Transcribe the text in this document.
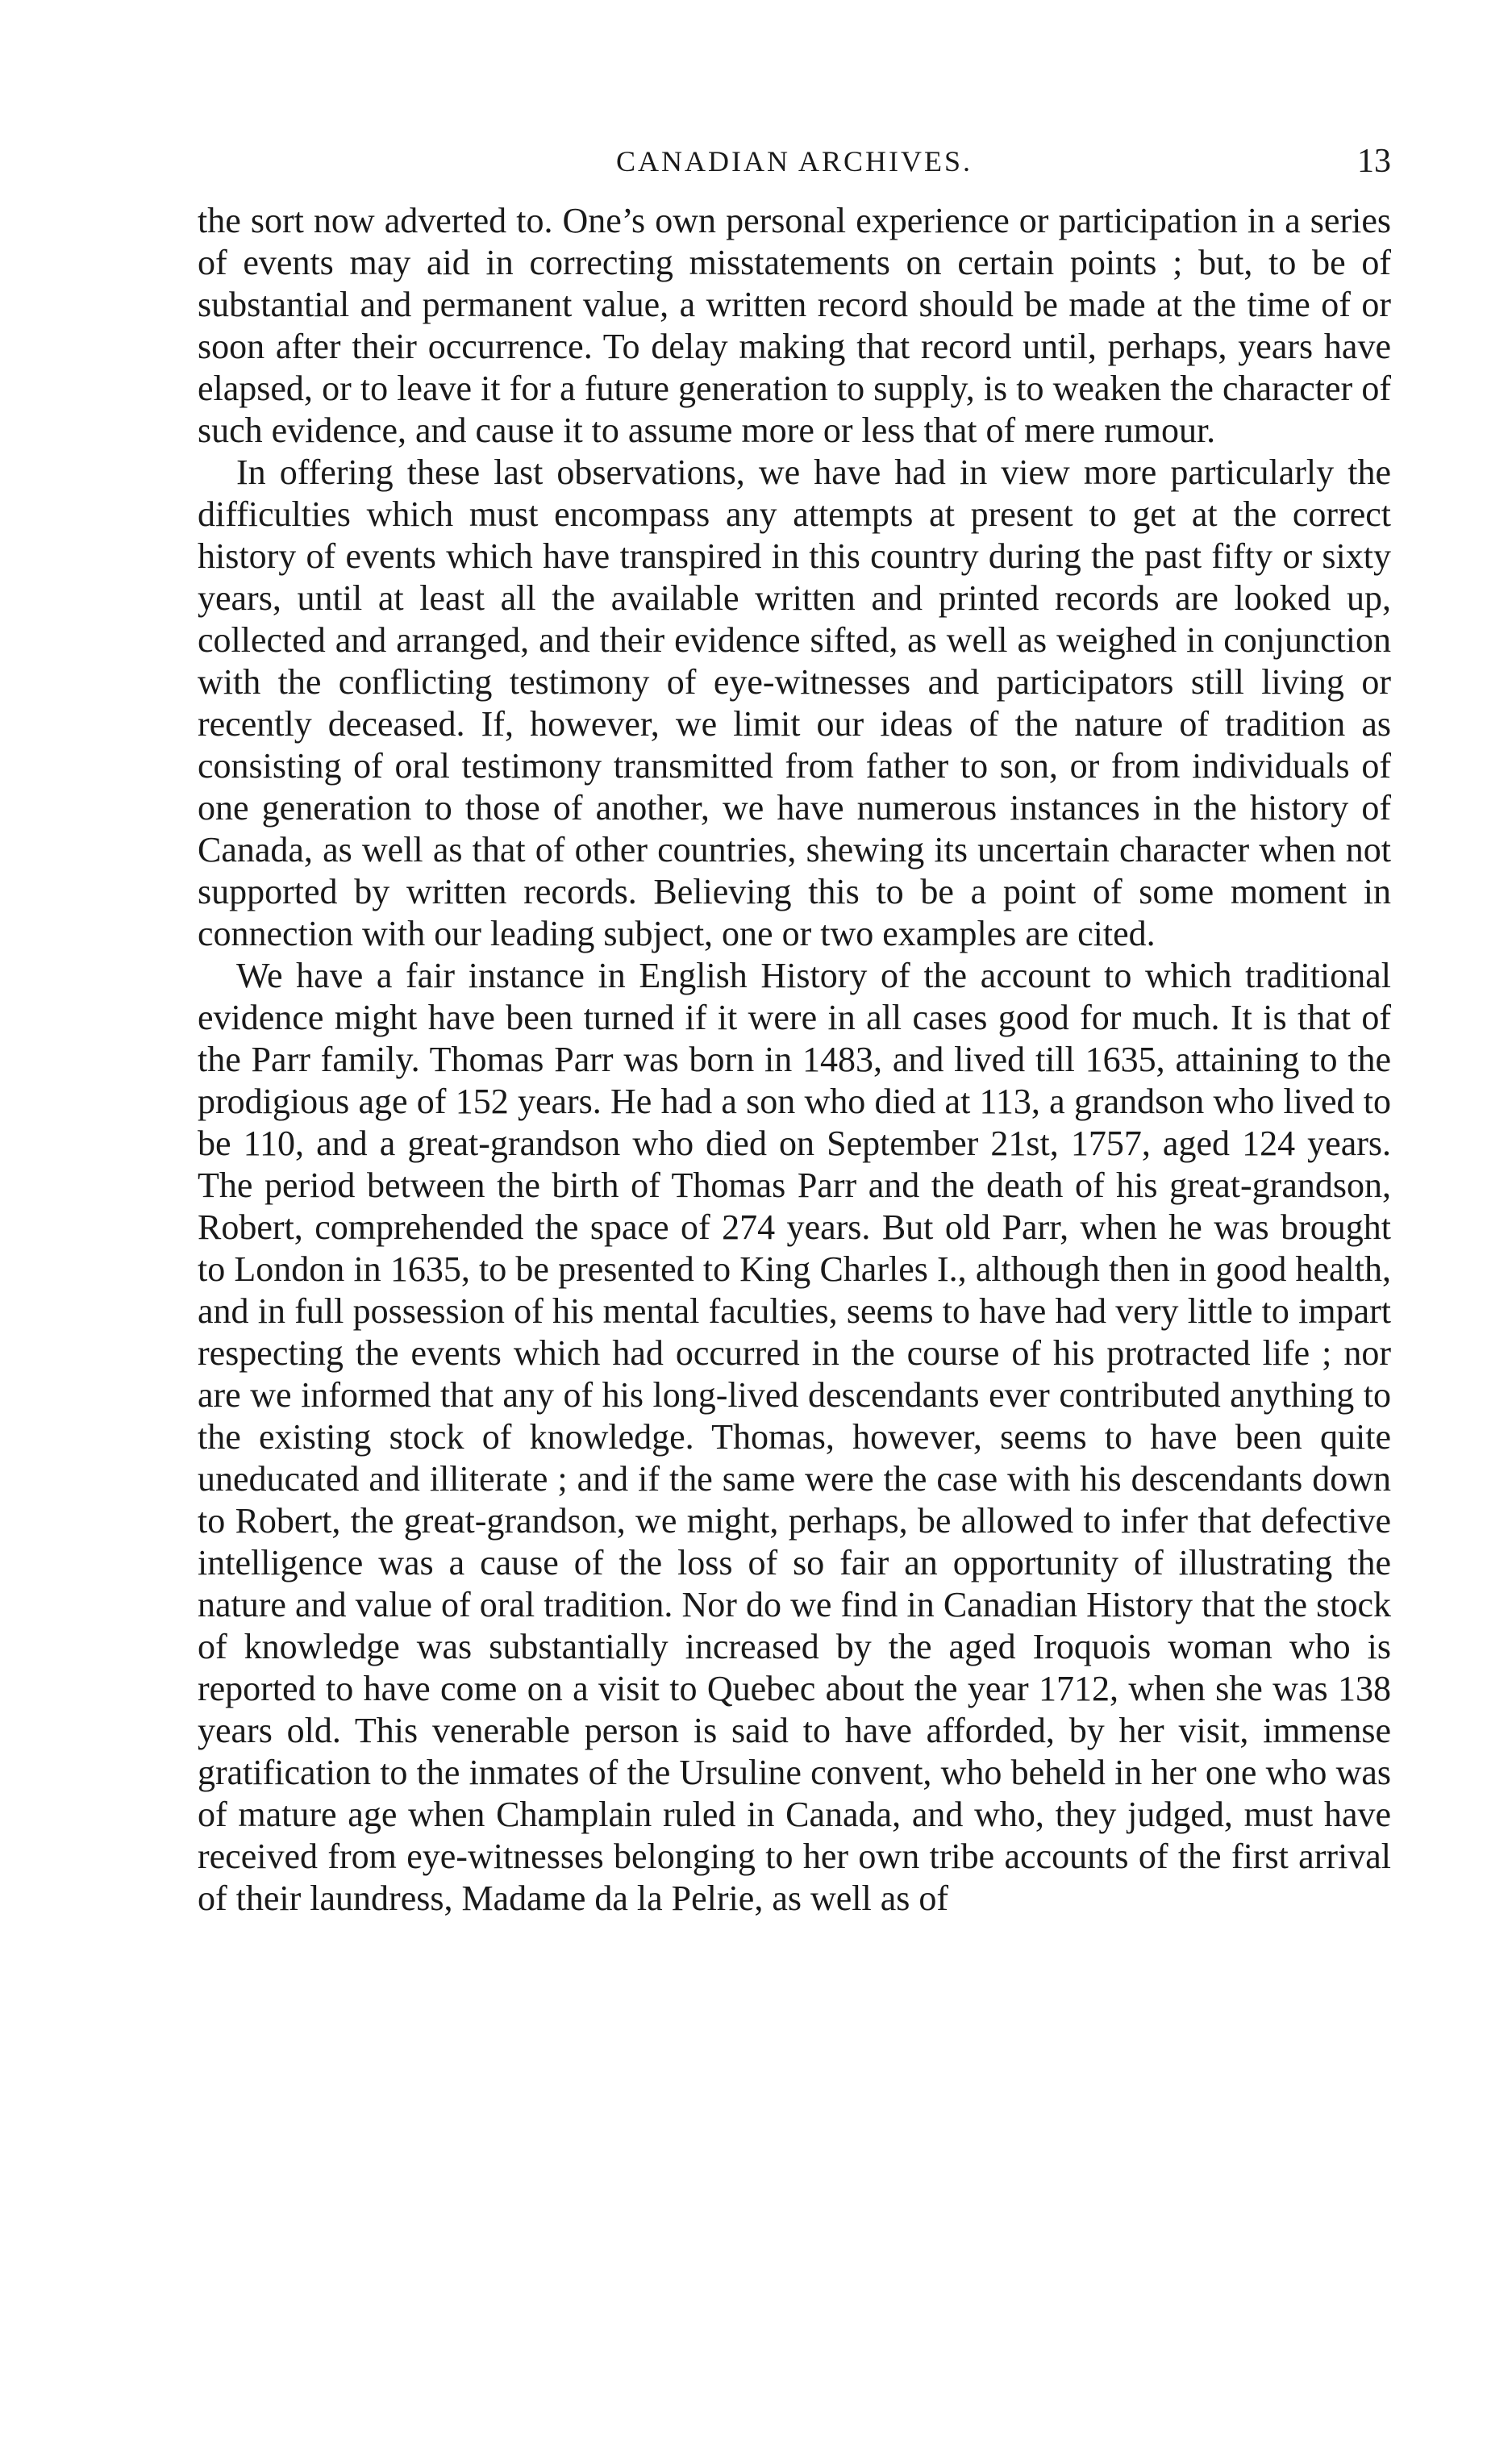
CANADIAN ARCHIVES.	13

the sort now adverted to. One’s own personal experience or participation in a series of events may aid in correcting misstatements on certain points ; but, to be of substantial and permanent value, a written record should be made at the time of or soon after their occurrence. To delay making that record until, perhaps, years have elapsed, or to leave it for a future generation to supply, is to weaken the character of such evidence, and cause it to assume more or less that of mere rumour.

In offering these last observations, we have had in view more particularly the difficulties which must encompass any attempts at present to get at the correct history of events which have transpired in this country during the past fifty or sixty years, until at least all the available written and printed records are looked up, collected and arranged, and their evidence sifted, as well as weighed in conjunction with the conflicting testimony of eye-witnesses and participators still living or recently deceased. If, however, we limit our ideas of the nature of tradition as consisting of oral testimony transmitted from father to son, or from individuals of one generation to those of another, we have numerous instances in the history of Canada, as well as that of other countries, shewing its uncertain character when not supported by written records. Believing this to be a point of some moment in connection with our leading subject, one or two examples are cited.

We have a fair instance in English History of the account to which traditional evidence might have been turned if it were in all cases good for much. It is that of the Parr family. Thomas Parr was born in 1483, and lived till 1635, attaining to the prodigious age of 152 years. He had a son who died at 113, a grandson who lived to be 110, and a great-grandson who died on September 21st, 1757, aged 124 years. The period between the birth of Thomas Parr and the death of his great-grandson, Robert, comprehended the space of 274 years. But old Parr, when he was brought to London in 1635, to be presented to King Charles I., although then in good health, and in full possession of his mental faculties, seems to have had very little to impart respecting the events which had occurred in the course of his protracted life ; nor are we informed that any of his long-lived descendants ever contributed anything to the existing stock of knowledge. Thomas, however, seems to have been quite uneducated and illiterate ; and if the same were the case with his descendants down to Robert, the great-grandson, we might, perhaps, be allowed to infer that defective intelligence was a cause of the loss of so fair an opportunity of illustrating the nature and value of oral tradition. Nor do we find in Canadian History that the stock of knowledge was substantially increased by the aged Iroquois woman who is reported to have come on a visit to Quebec about the year 1712, when she was 138 years old. This venerable person is said to have afforded, by her visit, immense gratification to the inmates of the Ursuline convent, who beheld in her one who was of mature age when Champlain ruled in Canada, and who, they judged, must have received from eye-witnesses belonging to her own tribe accounts of the first arrival of their laundress, Madame da la Pelrie, as well as of
